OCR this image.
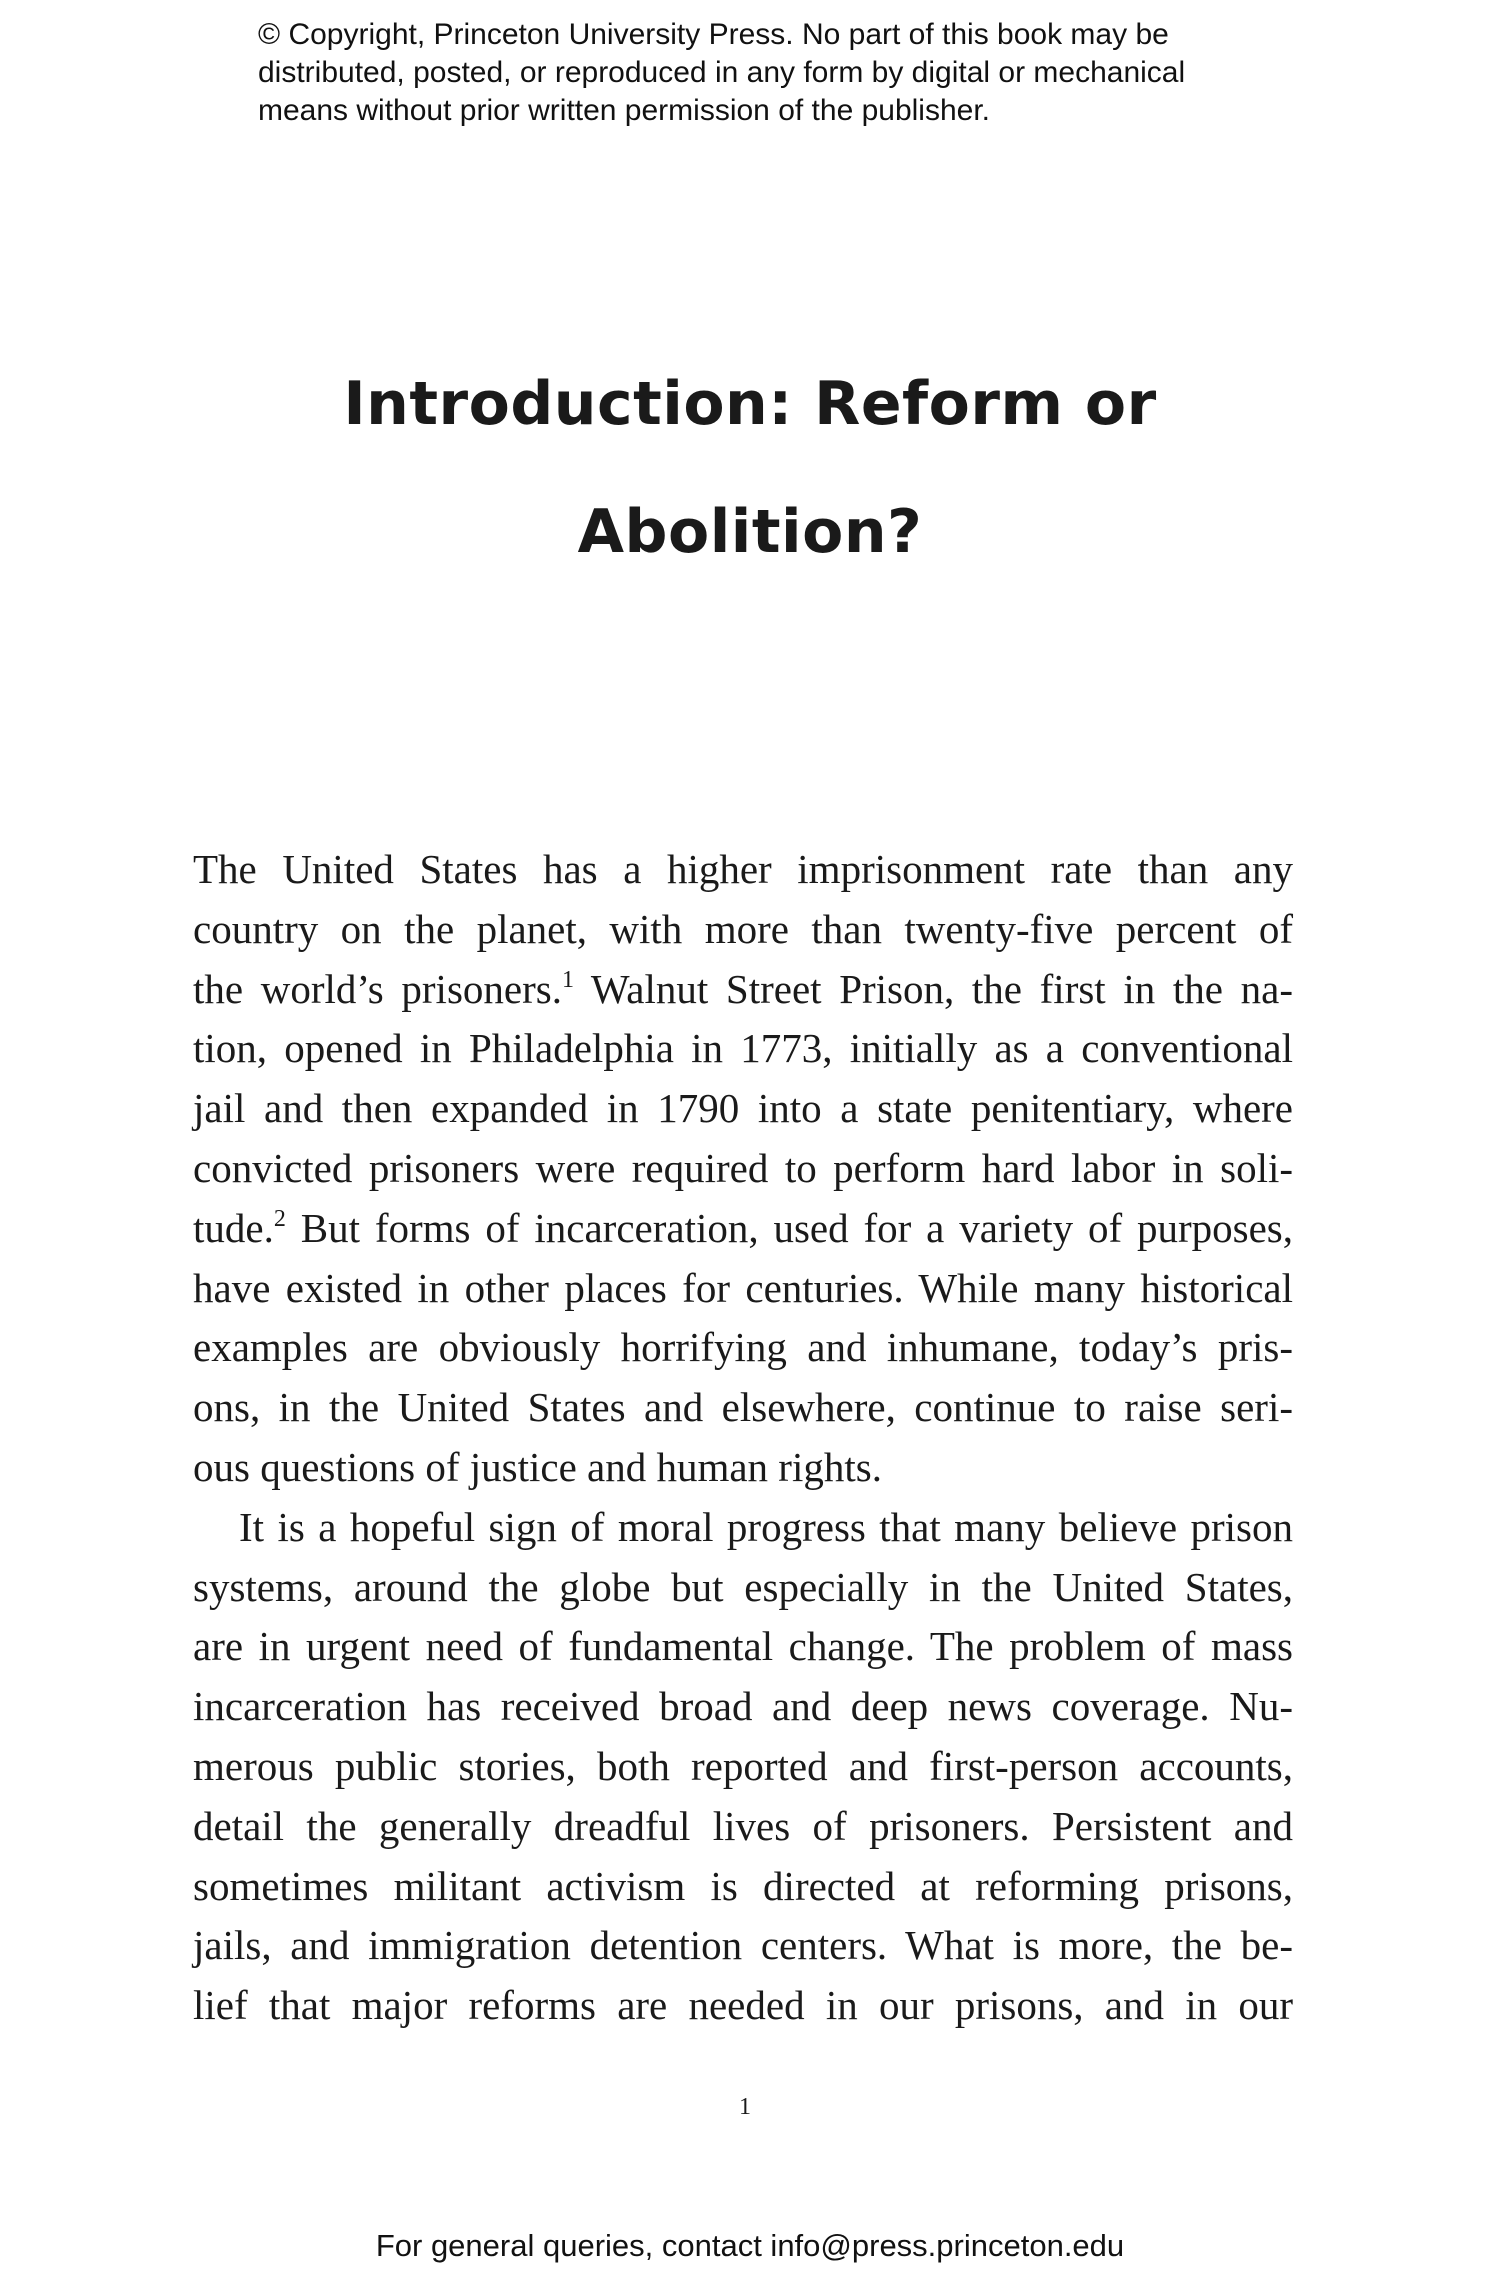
© Copyright, Princeton University Press. No part of this book may be
distributed, posted, or reproduced in any form by digital or mechanical
means without prior written permission of the publisher.
Introduction: Reform or
Abolition?
The United States has a higher imprisonment rate than any
country on the planet, with more than twenty-five percent of
the world’s prisoners.$^1$ Walnut Street Prison, the first in the na-
tion, opened in Philadelphia in 1773, initially as a conventional
jail and then expanded in 1790 into a state penitentiary, where
convicted prisoners were required to perform hard labor in soli-
tude.$^2$ But forms of incarceration, used for a variety of purposes,
have existed in other places for centuries. While many historical
examples are obviously horrifying and inhumane, today’s pris-
ons, in the United States and elsewhere, continue to raise seri-
ous questions of justice and human rights.
It is a hopeful sign of moral progress that many believe prison
systems, around the globe but especially in the United States,
are in urgent need of fundamental change. The problem of mass
incarceration has received broad and deep news coverage. Nu-
merous public stories, both reported and first-person accounts,
detail the generally dreadful lives of prisoners. Persistent and
sometimes militant activism is directed at reforming prisons,
jails, and immigration detention centers. What is more, the be-
lief that major reforms are needed in our prisons, and in our
1
For general queries, contact info@press.princeton.edu
